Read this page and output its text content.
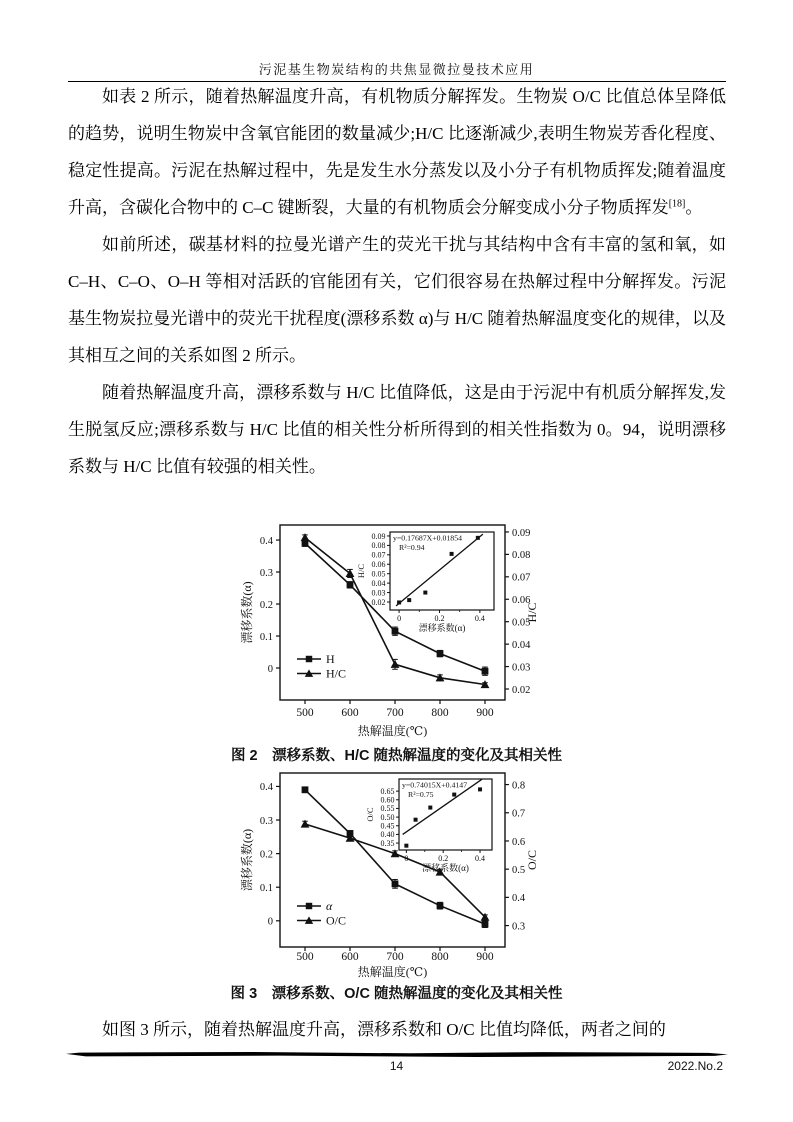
污泥基生物炭结构的共焦显微拉曼技术应用

如表 2 所示，随着热解温度升高，有机物质分解挥发。生物炭 O/C 比值总体呈降低的趋势，说明生物炭中含氧官能团的数量减少;H/C 比逐渐减少,表明生物炭芳香化程度、稳定性提高。污泥在热解过程中，先是发生水分蒸发以及小分子有机物质挥发;随着温度升高，含碳化合物中的 C–C 键断裂，大量的有机物质会分解变成小分子物质挥发[18]。

如前所述，碳基材料的拉曼光谱产生的荧光干扰与其结构中含有丰富的氢和氧，如 C–H、C–O、O–H 等相对活跃的官能团有关，它们很容易在热解过程中分解挥发。污泥基生物炭拉曼光谱中的荧光干扰程度(漂移系数 α)与 H/C 随着热解温度变化的规律，以及其相互之间的关系如图 2 所示。

随着热解温度升高，漂移系数与 H/C 比值降低，这是由于污泥中有机质分解挥发,发生脱氢反应;漂移系数与 H/C 比值的相关性分析所得到的相关性指数为 0。94，说明漂移系数与 H/C 比值有较强的相关性。

0
0.1
0.2
0.3
0.4
0.02
0.03
0.04
0.05
0.06
0.07
0.08
0.09
500 600 700 800 900
热解温度(℃)
漂移系数(α)	H/C
H
H/C
0.02
0.03
0.04
0.05
0.06
0.07
0.08
0.09
0	0.2	0.4
漂移系数(α)
H/C
y=0.17687X+0.01854
R²=0.94
图 2　漂移系数、H/C 随热解温度的变化及其相关性
0
0.1
0.2
0.3
0.4
0.3
0.4
0.5
0.6
0.7
0.8
500 600 700 800 900
热解温度(℃)
漂移系数(α)	O/C
α
O/C
0.35
0.40
0.45
0.50
0.55
0.60
0.65
0	0.2	0.4
漂移系数(α)
O/C
y=0.74015X+0.4147
R²=0.75
图 3　漂移系数、O/C 随热解温度的变化及其相关性

如图 3 所示，随着热解温度升高，漂移系数和 O/C 比值均降低，两者之间的

14	2022.No.2
